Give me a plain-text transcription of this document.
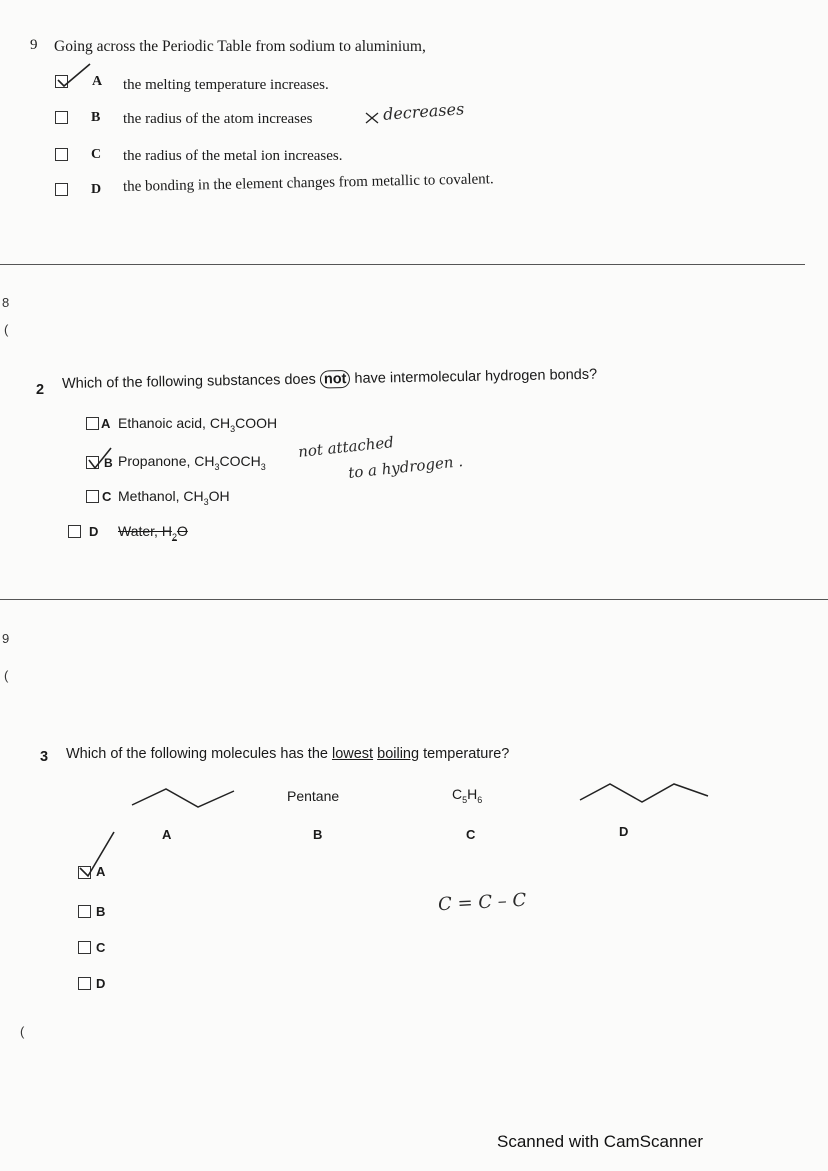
9 Going across the Periodic Table from sodium to aluminium,
A the melting temperature increases.
B the radius of the atom increases	decreases
C the radius of the metal ion increases.
D the bonding in the element changes from metallic to covalent.
8
(
2 Which of the following substances does not have intermolecular hydrogen bonds?
A Ethanoic acid, $CH_3COOH$
B Propanone, $CH_3COCH_3$
not attached
to a hydrogen .
C Methanol, $CH_3OH$
D Water, $H_2O$
9
(
3 Which of the following molecules has the lowest boiling temperature?
Pentane	$C_5H_6$
A	B	C	D
A
B
C
D
C = C – C
(
Scanned with CamScanner
